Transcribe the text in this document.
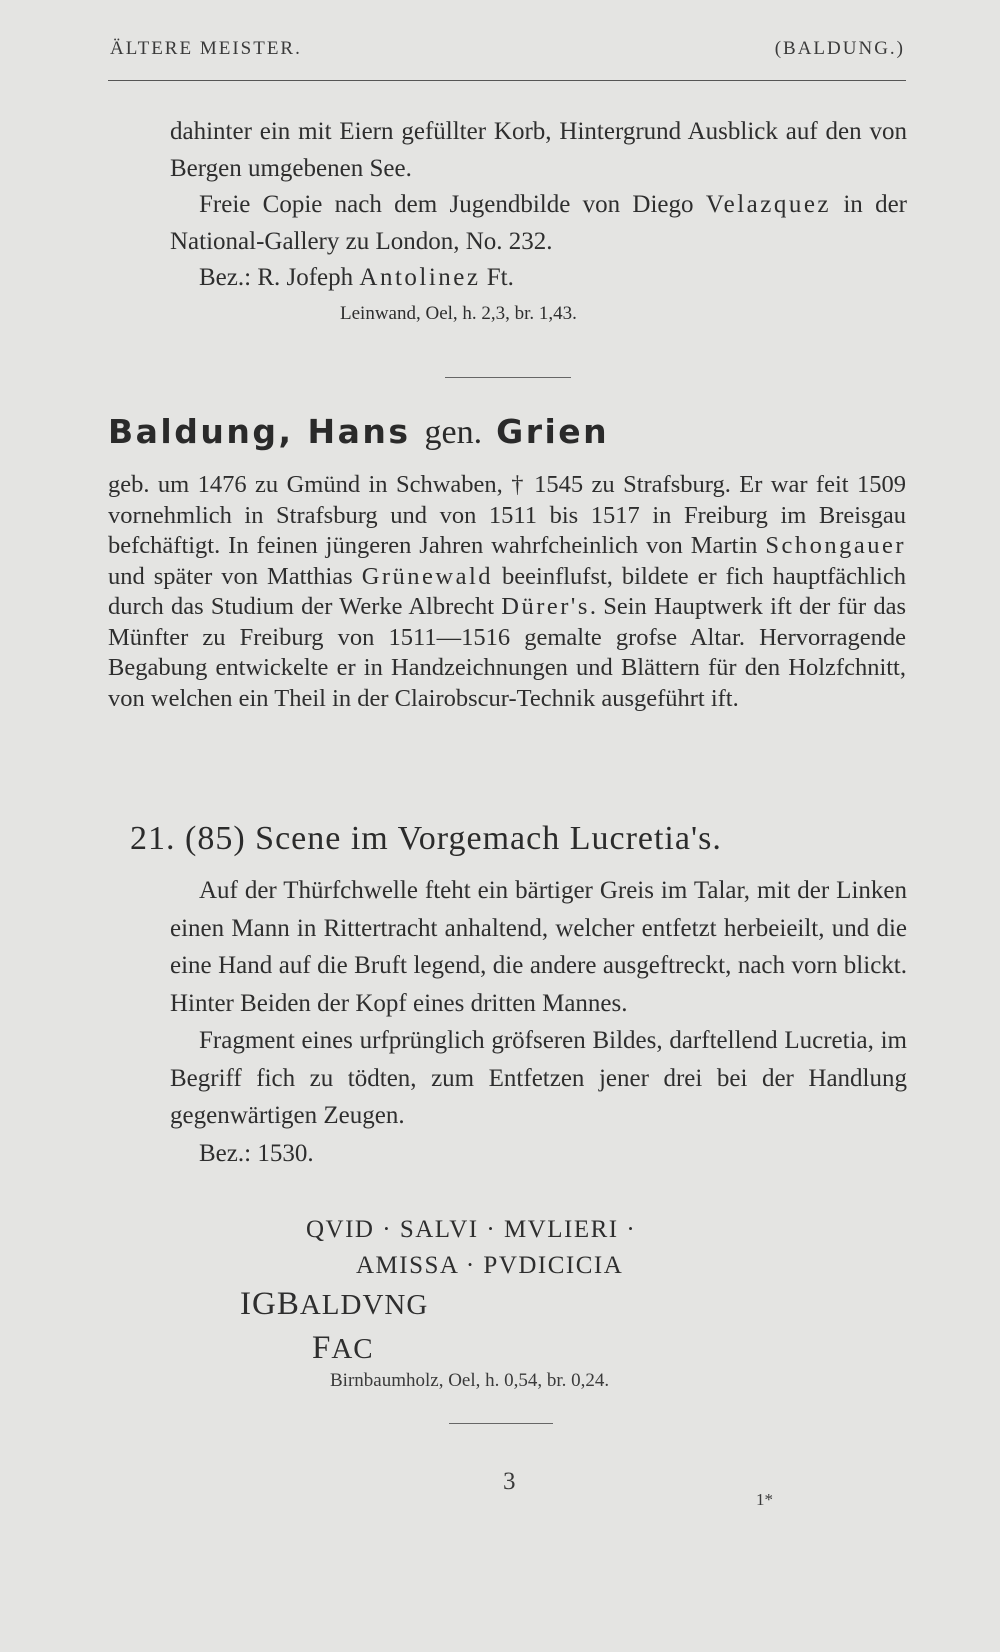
ÄLTERE MEISTER.	(BALDUNG.)

dahinter ein mit Eiern gefüllter Korb, Hintergrund Ausblick auf den von Bergen umgebenen See.

Freie Copie nach dem Jugendbilde von Diego Velazquez in der National-Gallery zu London, No. 232.

Bez.: R. Jofeph Antolinez Ft.

Leinwand, Oel, h. 2,3, br. 1,43.

Baldung, Hans gen. Grien

geb. um 1476 zu Gmünd in Schwaben, † 1545 zu Strafsburg. Er war feit 1509 vornehmlich in Strafsburg und von 1511 bis 1517 in Freiburg im Breisgau befchäftigt. In feinen jüngeren Jahren wahrfcheinlich von Martin Schongauer und später von Matthias Grünewald beeinflufst, bildete er fich hauptfächlich durch das Studium der Werke Albrecht Dürer's. Sein Hauptwerk ift der für das Münfter zu Freiburg von 1511—1516 gemalte grofse Altar. Hervorragende Begabung entwickelte er in Handzeichnungen und Blättern für den Holzfchnitt, von welchen ein Theil in der Clairobscur-Technik ausgeführt ift.

21. (85) Scene im Vorgemach Lucretia's.

Auf der Thürfchwelle fteht ein bärtiger Greis im Talar, mit der Linken einen Mann in Rittertracht anhaltend, welcher entfetzt herbeieilt, und die eine Hand auf die Bruft legend, die andere ausgeftreckt, nach vorn blickt. Hinter Beiden der Kopf eines dritten Mannes.

Fragment eines urfprünglich gröfseren Bildes, darftellend Lucretia, im Begriff fich zu tödten, zum Entfetzen jener drei bei der Handlung gegenwärtigen Zeugen.

Bez.: 1530.

QVID · SALVI · MVLIERI ·
AMISSA · PVDICICIA
IGBALDVNG
FAC
Birnbaumholz, Oel, h. 0,54, br. 0,24.
3
1*
